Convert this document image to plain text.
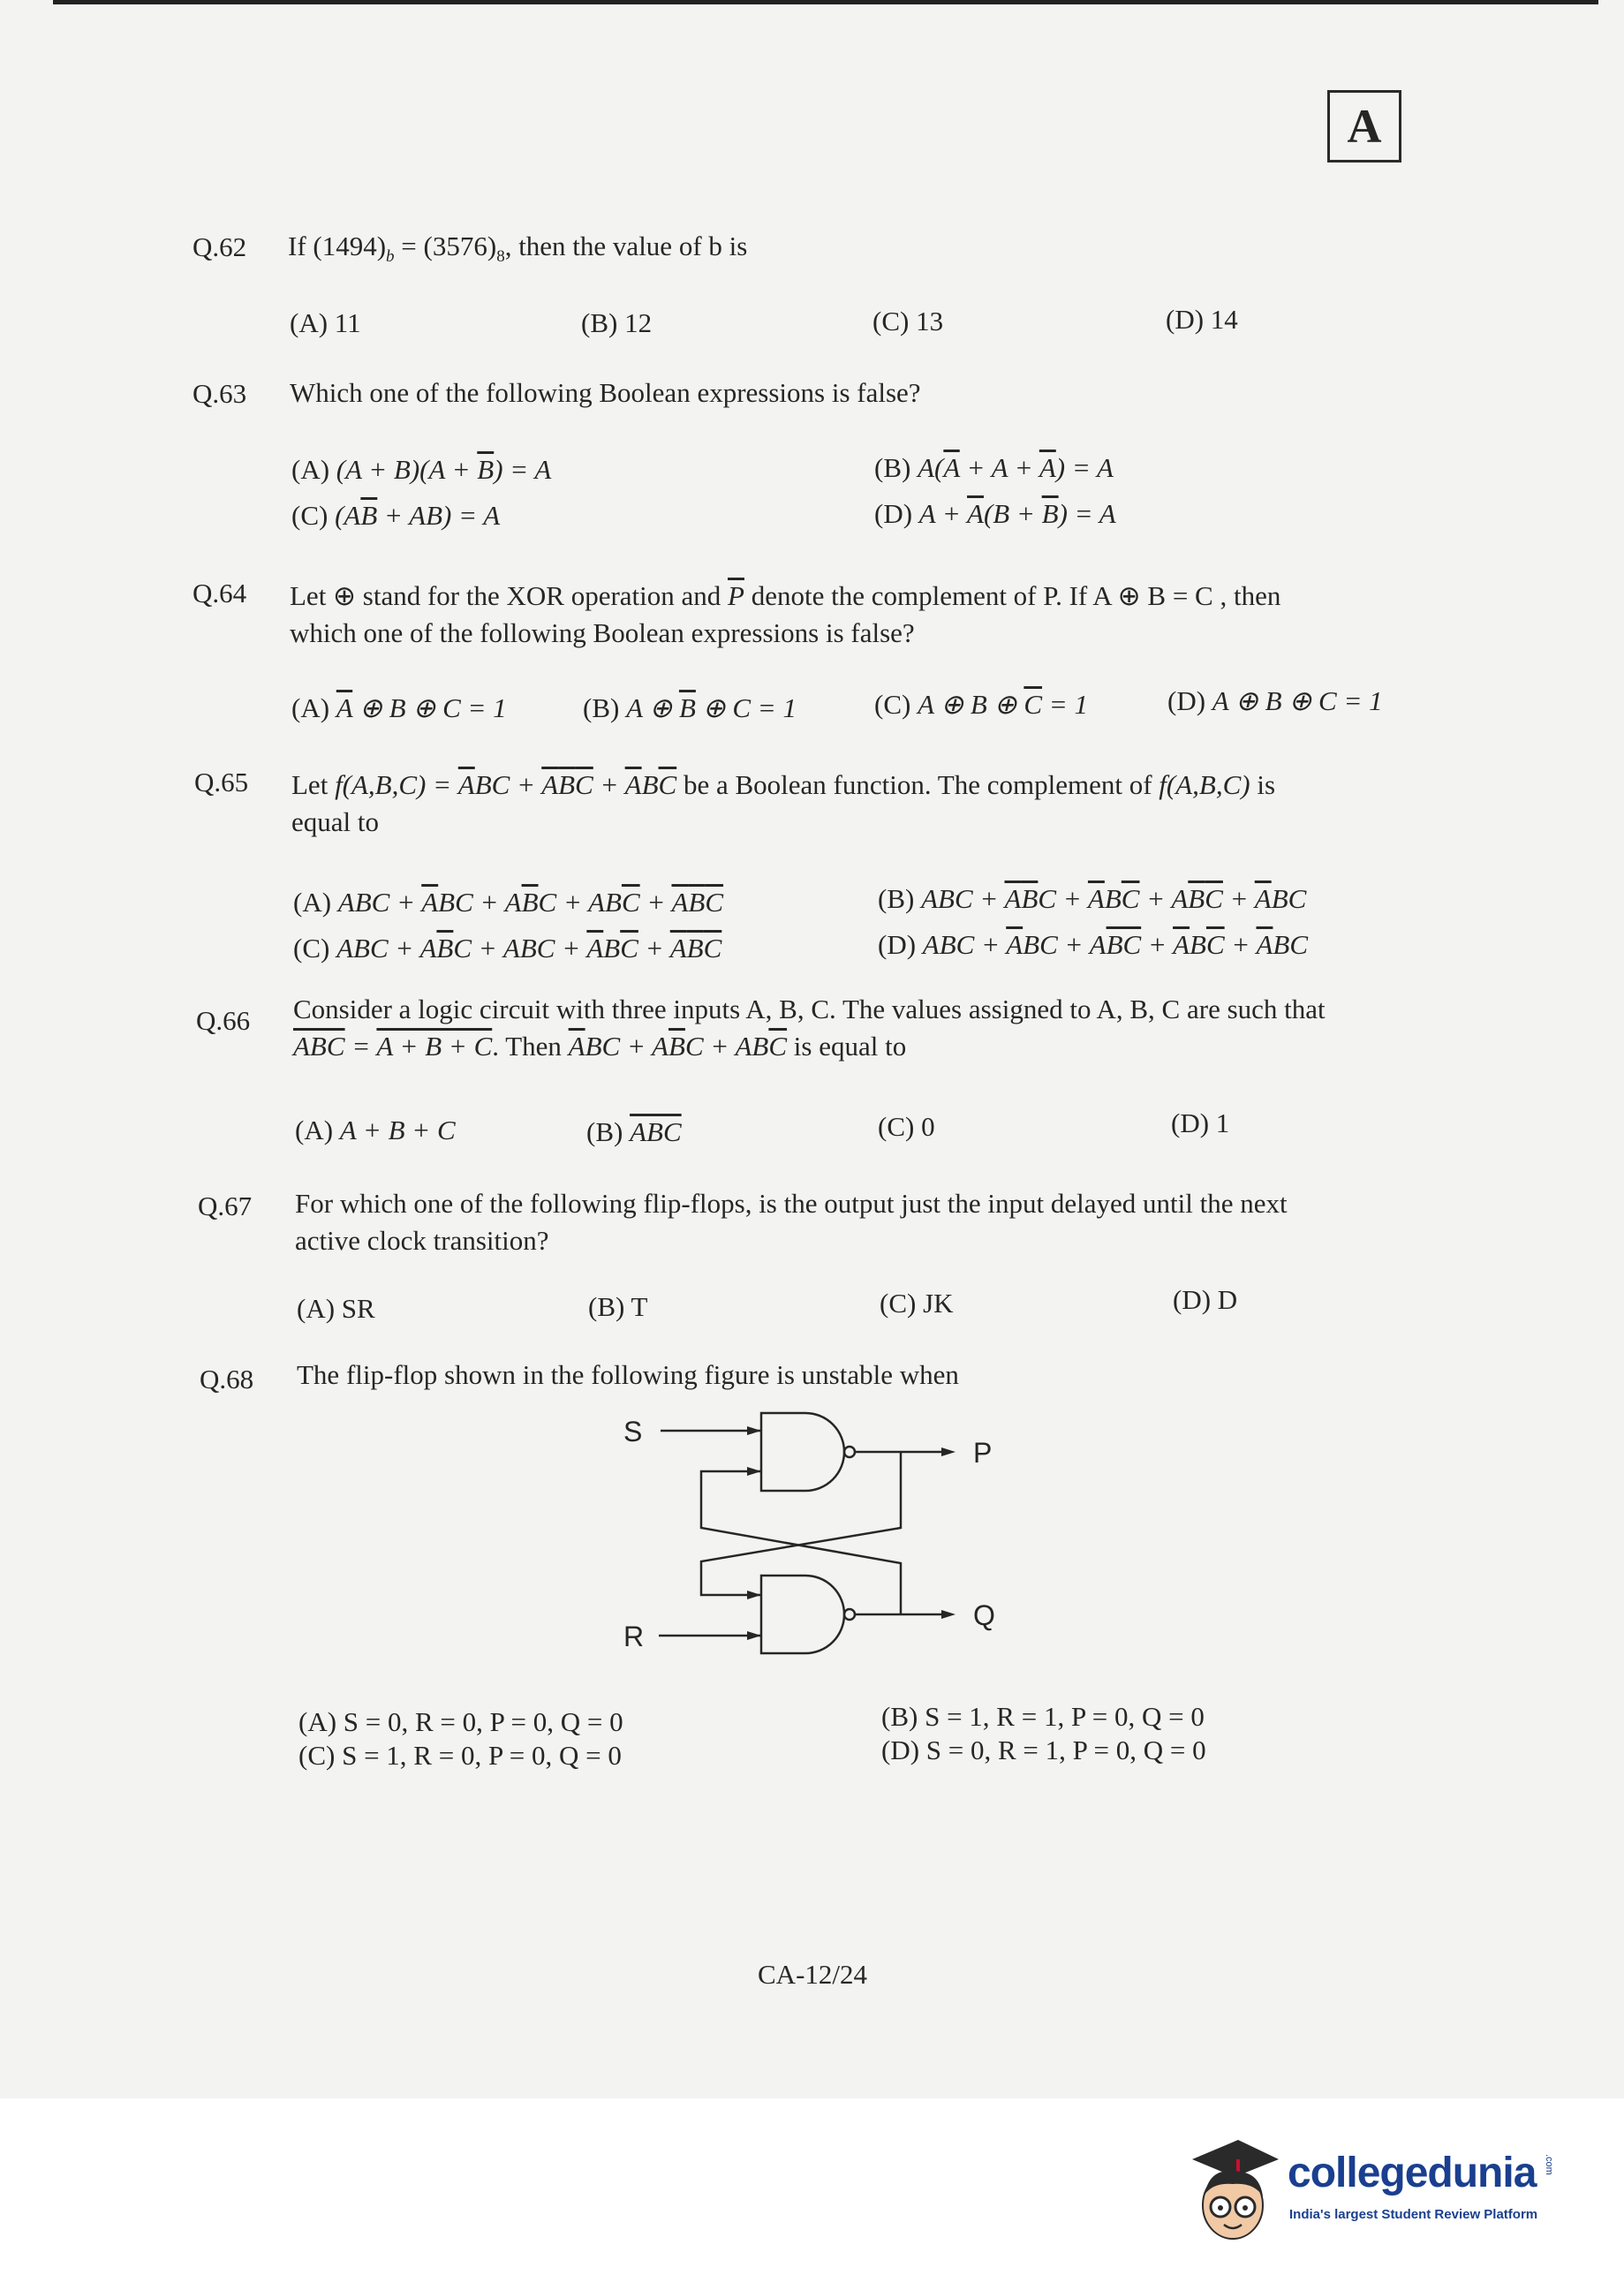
A
Q.62 If $(1494)_b = (3576)_8$, then the value of b is
(A) 11	(B) 12	(C) 13	(D) 14
Q.63 Which one of the following Boolean expressions is false?
(A) $(A + B)(A + \overline{B}) = A$	(B) $A(\overline{A} + A + \overline{A}) = A$
(C) $(A\overline{B} + AB) = A$	(D) $A + \overline{A}(B + \overline{B}) = A$
Q.64 Let ⊕ stand for the XOR operation and $\overline{P}$ denote the complement of P. If A ⊕ B = C , then
which one of the following Boolean expressions is false?
(A) $\overline{A}$ ⊕ B ⊕ C = 1	(B) A ⊕ $\overline{B}$ ⊕ C = 1	(C) A ⊕ B ⊕ $\overline{C} = 1$	(D) A ⊕ B ⊕ C = 1
Q.65 Let $f(A,B,C) = \overline{A}BC + \overline{A}\overline{B}\overline{C} + \overline{A}B\overline{C}$ be a Boolean function. The complement of f(A,B,C) is
equal to
(A) ABC + $\overline{A}BC + A\overline{B}C + AB\overline{C} + \overline{A}\overline{B}\overline{C}$	(B) ABC + $\overline{A}\overline{B}C + \overline{A}B\overline{C} + A\overline{B}\overline{C} + \overline{A}BC$
(C) ABC + $A\overline{B}C$ + ABC + $\overline{A}B\overline{C} + \overline{A}\overline{B}\overline{C}$	(D) ABC + $\overline{A}BC + A\overline{B}\overline{C} + \overline{A}B\overline{C} + \overline{A}BC$
Q.66 Consider a logic circuit with three inputs A, B, C. The values assigned to A, B, C are such that
$\overline{ABC} = A + B + C$. Then $\overline{A}BC + A\overline{B}C + AB\overline{C}$ is equal to
(A) A + B + C	(B) $\overline{ABC}$	(C) 0	(D) 1
Q.67 For which one of the following flip-flops, is the output just the input delayed until the next
active clock transition?
(A) SR	(B) T	(C) JK	(D) D
Q.68 The flip-flop shown in the following figure is unstable when
S
R
P
Q
(A) S = 0, R = 0, P = 0, Q = 0	(B) S = 1, R = 1, P = 0, Q = 0
(C) S = 1, R = 0, P = 0, Q = 0	(D) S = 0, R = 1, P = 0, Q = 0
CA-12/24
collegedunia .com
India's largest Student Review Platform
